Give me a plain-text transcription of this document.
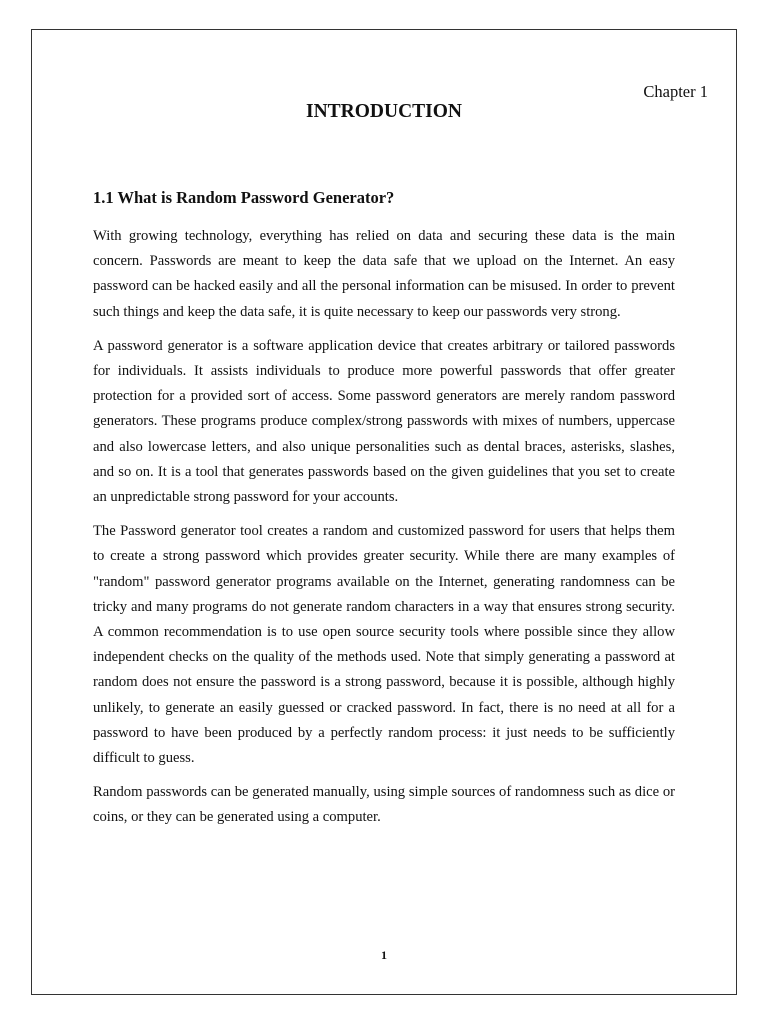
Chapter 1
INTRODUCTION
1.1 What is Random Password Generator?

With growing technology, everything has relied on data and securing these data is the main concern. Passwords are meant to keep the data safe that we upload on the Internet. An easy password can be hacked easily and all the personal information can be misused. In order to prevent such things and keep the data safe, it is quite necessary to keep our passwords very strong.

A password generator is a software application device that creates arbitrary or tailored passwords for individuals. It assists individuals to produce more powerful passwords that offer greater protection for a provided sort of access. Some password generators are merely random password generators. These programs produce complex/strong passwords with mixes of numbers, uppercase and also lowercase letters, and also unique personalities such as dental braces, asterisks, slashes, and so on. It is a tool that generates passwords based on the given guidelines that you set to create an unpredictable strong password for your accounts.

The Password generator tool creates a random and customized password for users that helps them to create a strong password which provides greater security. While there are many examples of "random" password generator programs available on the Internet, generating randomness can be tricky and many programs do not generate random characters in a way that ensures strong security. A common recommendation is to use open source security tools where possible since they allow independent checks on the quality of the methods used. Note that simply generating a password at random does not ensure the password is a strong password, because it is possible, although highly unlikely, to generate an easily guessed or cracked password. In fact, there is no need at all for a password to have been produced by a perfectly random process: it just needs to be sufficiently difficult to guess.

Random passwords can be generated manually, using simple sources of randomness such as dice or coins, or they can be generated using a computer.

1
